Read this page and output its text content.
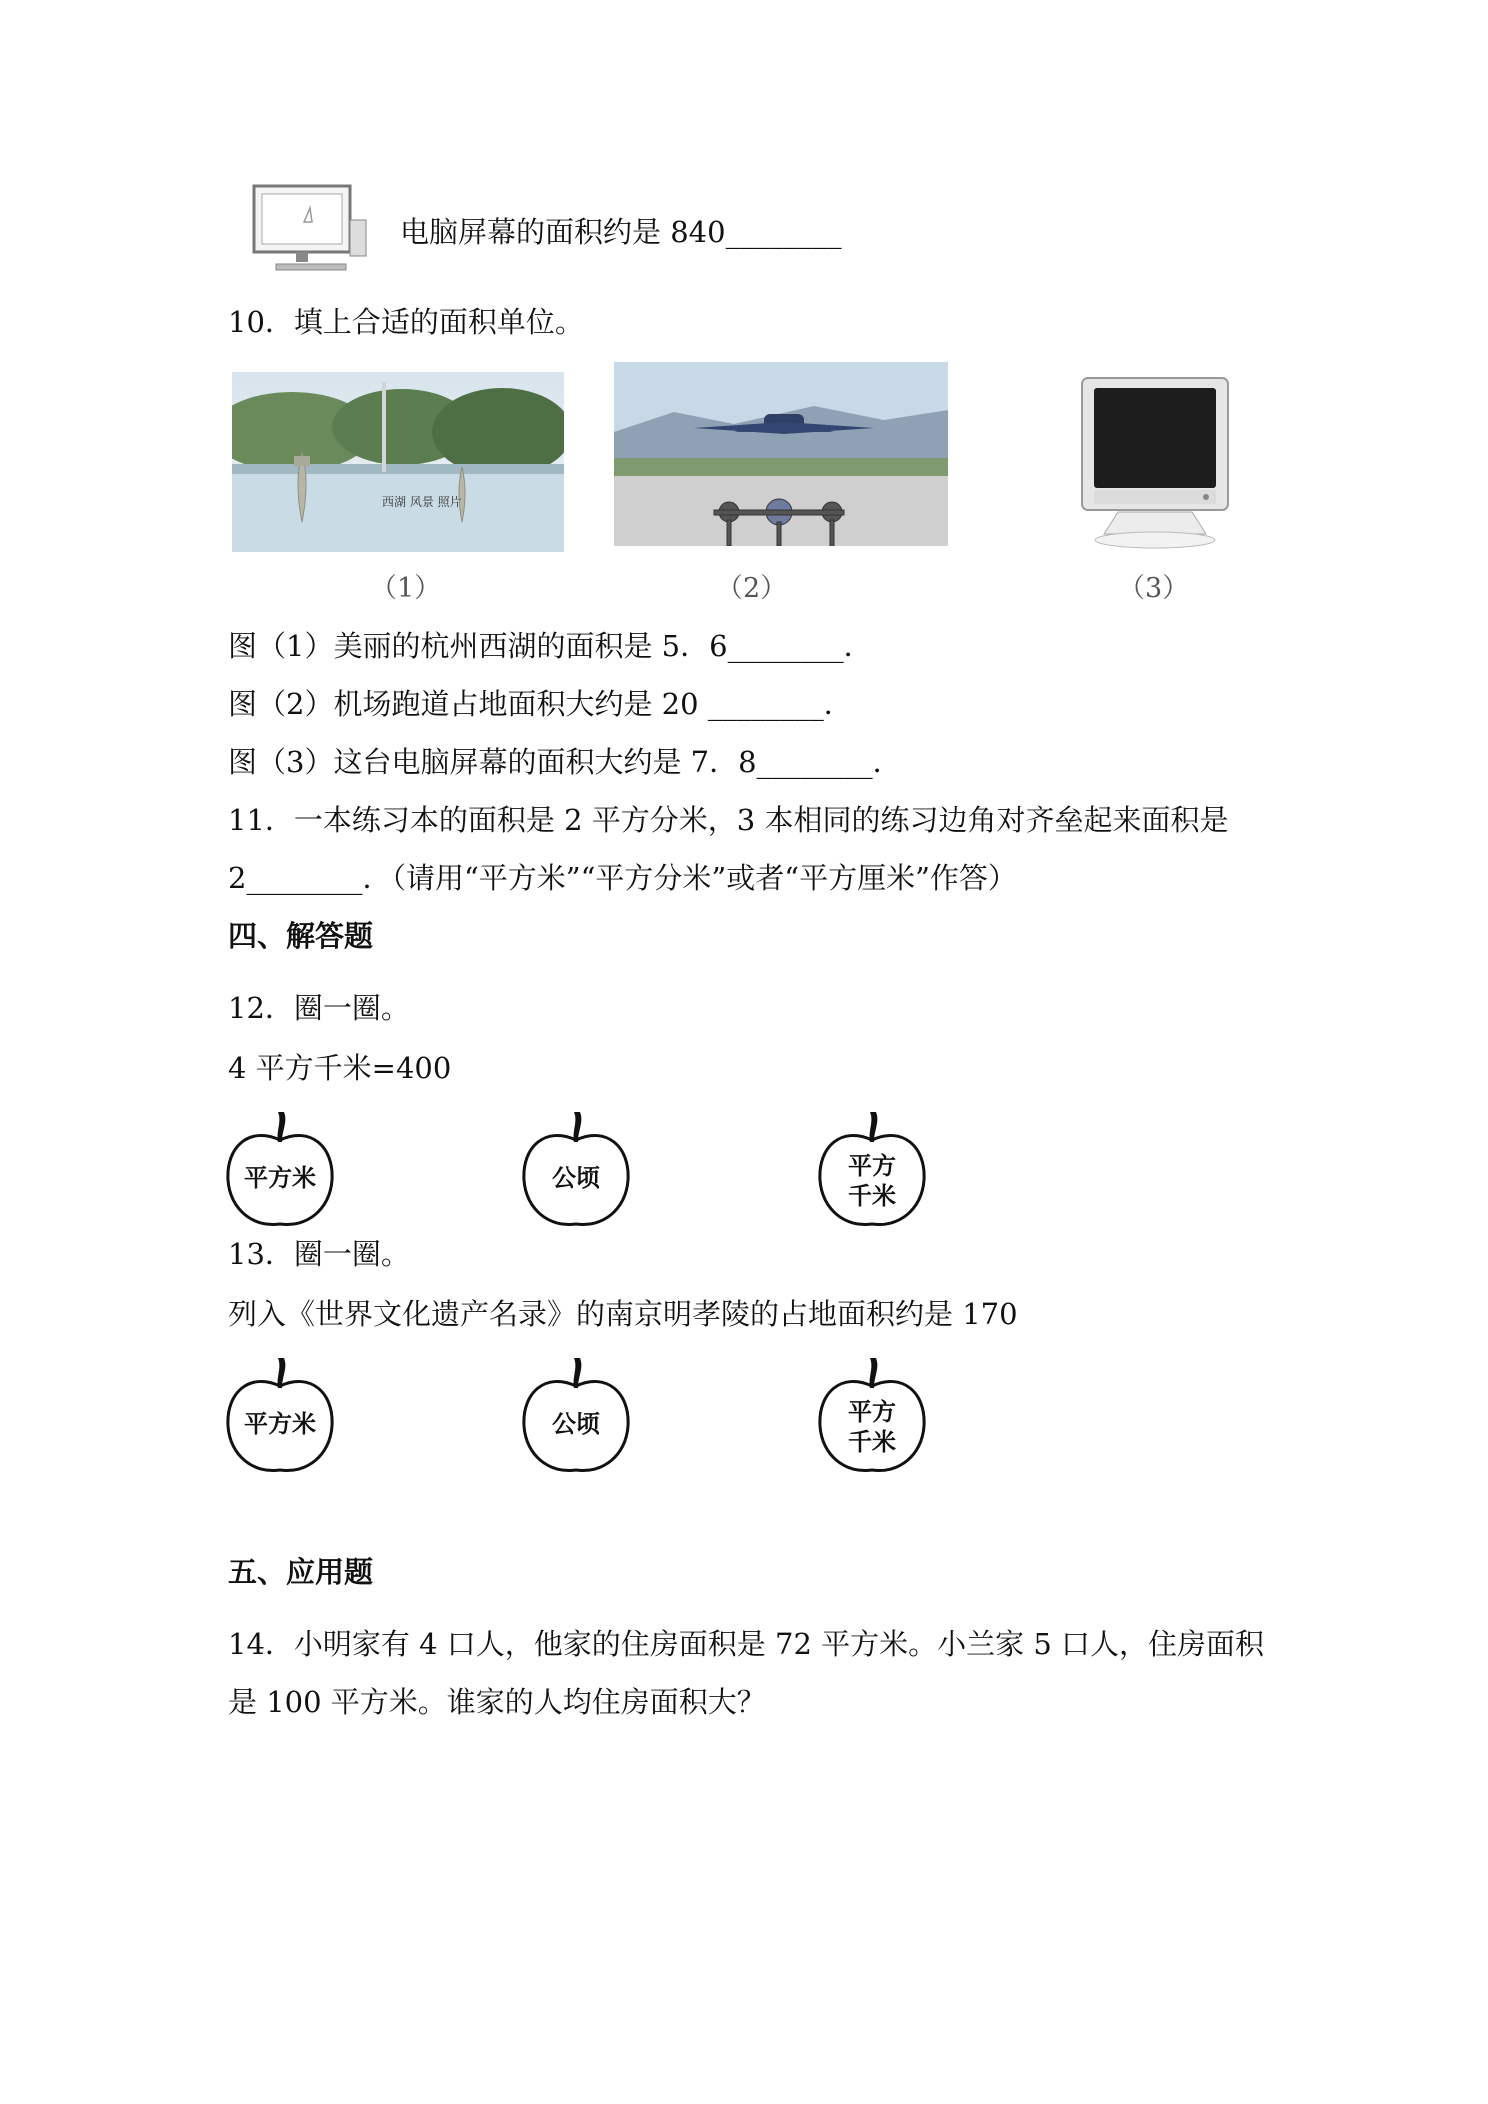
电脑屏幕的面积约是 840________
10．填上合适的面积单位。
西湖 风景 照片
（1）	（2）	（3）
图（1）美丽的杭州西湖的面积是 5．6________．
图（2）机场跑道占地面积大约是 20 ________．
图（3）这台电脑屏幕的面积大约是 7．8________．
11．一本练习本的面积是 2 平方分米，3 本相同的练习边角对齐垒起来面积是
2________．（请用“平方米”“平方分米”或者“平方厘米”作答）
四、解答题
12．圈一圈。
4 平方千米=400
平方米	公顷	平方
千米
13．圈一圈。
列入《世界文化遗产名录》的南京明孝陵的占地面积约是 170
平方米	公顷	平方
千米
五、应用题
14．小明家有 4 口人，他家的住房面积是 72 平方米。小兰家 5 口人，住房面积
是 100 平方米。谁家的人均住房面积大？
